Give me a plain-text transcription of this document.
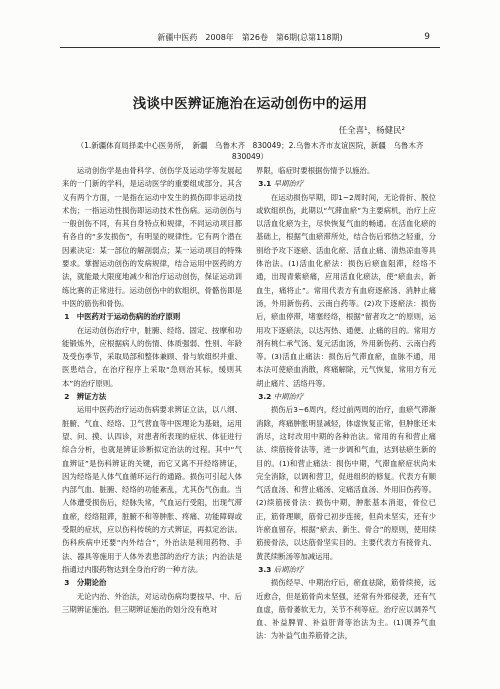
新疆中医药　2008年　第26卷　第6期(总第118期)	9
浅谈中医辨证施治在运动创伤中的运用
任全喜¹，杨健民²
（1.新疆体育局择柔中心医务所，　新疆　乌鲁木齐　830049；2.乌鲁木齐市友谊医院，新疆　乌鲁木齐　830049）

运动创伤学是由骨科学、创伤学及运动学等发展起来的一门新的学科，是运动医学的重要组成部分。其含义有两个方面，一是指在运动中发生的损伤即非运动技术伤；一指运动性损伤即运动技术性伤病。运动创伤与一般创伤不同，有其自身特点和规律，不同运动项目都有各自的“多发损伤”，有明显的规律性。它有两个潜在因素决定：某一部位的解剖弱点；某一运动项目的特殊要求。掌握运动创伤的发病规律，结合运用中医药的方法，就能最大限度地减少和治疗运动创伤，保证运动训练比赛的正常进行。运动创伤中的软组织、骨骼伤即是中医的筋伤和骨伤。

1　中医药对于运动伤病的治疗原则

在运动创伤治疗中，脏腑、经络、固定、按摩和功能锻炼外，应根据病人的伤情、体质强弱、性别、年龄及受伤季节，采取局部和整体兼顾、骨与软组织并重、医患结合，在治疗程序上采取“急则治其标，缓则其本”的治疗原则。

2　辨证方法

运用中医药治疗运动伤病要求辨证立法，以八纲、脏腑、气血、经络、卫气营血等中医理论为基础，运用望、问、摸、认四诊，对患者所表现的症状、体征进行综合分析，也就是辨证诊断拟定治法的过程。其中“气血辨证”是伤科辨证的关键，而它又离不开经络辨证，因为经络是人体气血循环运行的通路。损伤可引起人体内部气血、脏腑、经络的功能紊乱，尤其伤气伤血。当人体遭受损伤后，经脉失常，气血运行受阻，出现气滞血瘀，经络阻滞，脏腑不和等肿胀、疼痛、功能障碍或受限的症状，应以伤科传统的方式辨证，再拟定治法。伤科疾病中还要“内外结合”，外治法是利用药物、手法、器具等施用于人体外表患部的治疗方法；内治法是指通过内服药物达到全身治疗的一种方法。

3　分期论治

无论内治、外治法，对运动伤病均要按早、中、后三期辨证施治。但三期辨证施治的划分没有绝对

界限，临症时要根据伤情予以施治。

3.1 早期治疗

在运动损伤早期，即1~2周时间，无论骨折、脱位或软组织伤，此期以“气滞血瘀”为主要病机，治疗上应以活血化瘀为主，尽快恢复气血的畅通。在活血化瘀的基础上，根据气血瘀滞所处，结合伤后邪热之轻重，分别给予攻下逐瘀、活血化瘀、活血止痛、清热凉血等具体治法。(1)活血化瘀法：损伤后瘀血阻滞，经络不通，出现青紫瘀痛，应用活血化瘀法，使“瘀血去，新血生，痛将止”。常用代表方有血府逐瘀汤、消肿止痛汤，外用新伤药、云南白药等。(2)攻下逐瘀法：损伤后，瘀血停滞，堵塞经络，根据“留者攻之”的原则，运用攻下逐瘀法，以达泻热、通便、止痛的目的。常用方剂有桃仁承气汤、复元活血汤，外用新伤药、云南白药等。(3)活血止痛法：损伤后气滞血瘀，血脉不通，用本法可使瘀血消散，疼痛解除，元气恢复，常用方有元胡止痛片、活络丹等。

3.2 中期治疗

损伤后3~6周内，经过前两周的治疗，血瘀气滞渐消除，疼痛肿胀明显减轻，体虚恢复正常，但肿胀还未消尽，这时改用中期的各种治法。常用的有和营止痛法、续筋接骨法等，进一步调和气血，达到祛瘀生新的目的。(1)和营止痛法：损伤中期，气滞血瘀症状尚未完全消除，以调和营卫，促进组织的修复。代表方有顺气活血汤、和营止痛汤、定痛活血汤、外用旧伤药等。(2)续筋接骨法：损伤中期，肿胀基本消退，骨位已正，筋骨理顺，筋骨已初步连接，但尚未坚实，还有少许瘀血留存，根据“瘀去、新生、骨合”的原则，使用续筋接骨法，以达筋骨坚实目的。主要代表方有接骨丸、黄芪续断汤等加减运用。

3.3 后期治疗

损伤经早、中期治疗后，瘀血祛除，筋骨续接，远近愈合，但是筋骨尚未坚强，还常有外邪侵袭，还有气血虚，筋骨萎软无力，关节不利等症。治疗应以调养气血、补益脾胃、补益肝肾等治法为主。(1)调养气血法：为补益气血养筋骨之法，
